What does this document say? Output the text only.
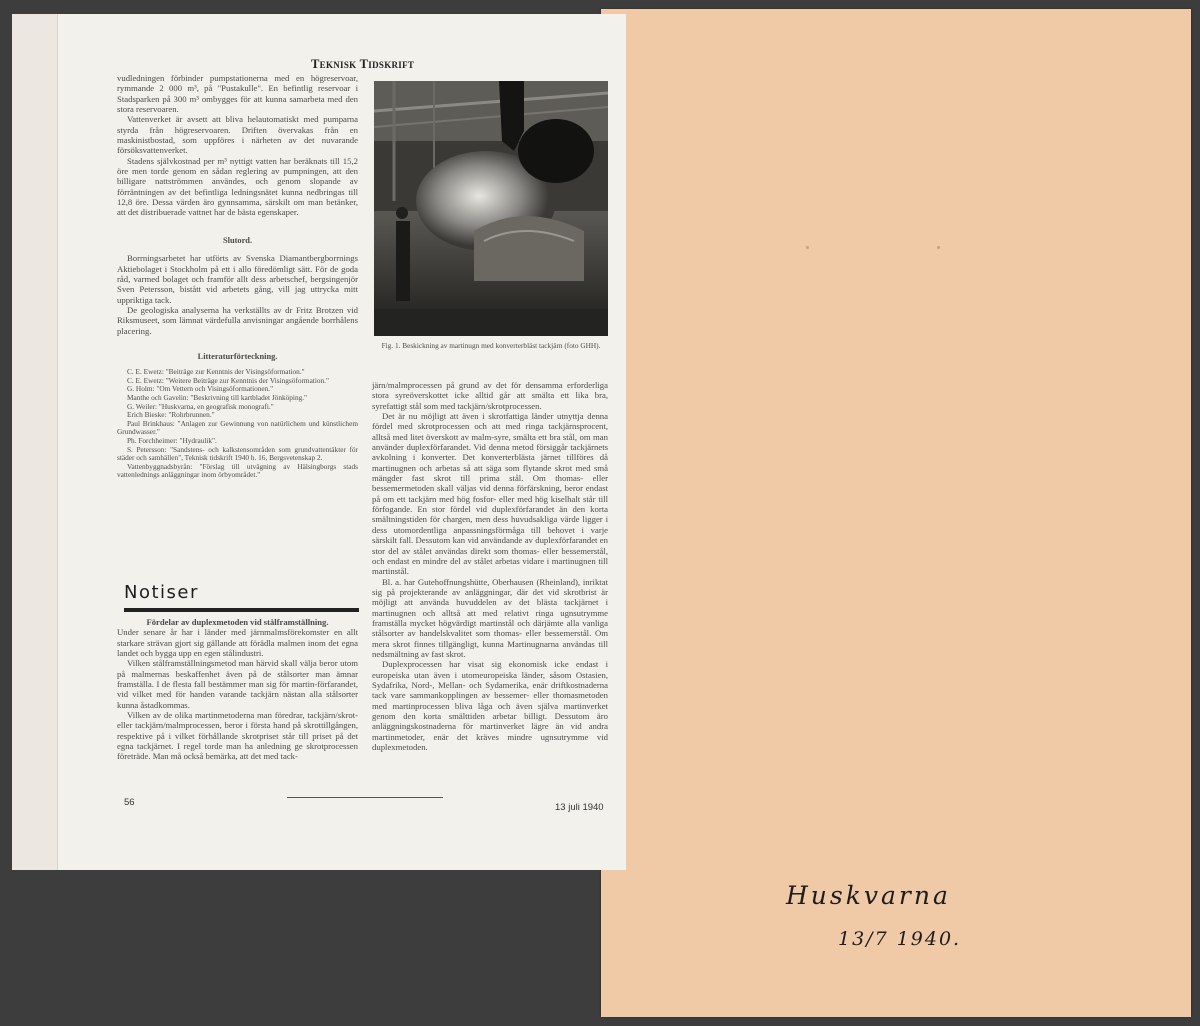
Teknisk Tidskrift

vudledningen förbinder pumpstationerna med en högreservoar, rymmande 2 000 m³, på "Pustakulle". En befintlig reservoar i Stadsparken på 300 m³ ombygges för att kunna samarbeta med den stora reservoaren.

Vattenverket är avsett att bliva helautomatiskt med pumparna styrda från högreservoaren. Driften övervakas från en maskinistbostad, som uppföres i närheten av det nuvarande försöksvattenverket.

Stadens självkostnad per m³ nyttigt vatten har beräknats till 15,2 öre men torde genom en sådan reglering av pumpningen, att den billigare nattströmmen användes, och genom slopande av förräntningen av det befintliga ledningsnätet kunna nedbringas till 12,8 öre. Dessa värden äro gynnsamma, särskilt om man betänker, att det distribuerade vattnet har de bästa egenskaper.

Slutord.

Borrningsarbetet har utförts av Svenska Diamantbergborrnings Aktiebolaget i Stockholm på ett i allo föredömligt sätt. För de goda råd, varmed bolaget och framför allt dess arbetschef, bergsingenjör Sven Petersson, bistått vid arbetets gång, vill jag uttrycka mitt uppriktiga tack.

De geologiska analyserna ha verkställts av dr Fritz Brotzen vid Riksmuseet, som lämnat värdefulla anvisningar angående borrhålens placering.

Litteraturförteckning.

C. E. Ewetz: "Beiträge zur Kenntnis der Visingsöformation."

C. E. Ewetz: "Weitere Beiträge zur Kenntnis der Visingsöformation."

G. Holm: "Om Vettern och Visingsöformationen."

Manthe och Gavelin: "Beskrivning till kartbladet Jönköping."

G. Weiler: "Huskvarna, en geografisk monografi."

Erich Bieske: "Rohrbrunnen."

Paul Brinkhaus: "Anlagen zur Gewinnung von natürlichem und künstlichem Grundwasser."

Ph. Forchheimer: "Hydraulik".

S. Petersson: "Sandstens- och kalkstensområden som grundvattentäkter för städer och samhällen", Teknisk tidskrift 1940 h. 16, Bergsvetenskap 2.

Vattenbyggnadsbyrån: "Förslag till utvägning av Hälsingborgs stads vattenlednings anläggningar inom örbyområdet."

Notiser

Fördelar av duplexmetoden vid stålframställning.

Under senare år har i länder med järnmalmsförekomster en allt starkare strävan gjort sig gällande att förädla malmen inom det egna landet och bygga upp en egen stålindustri.

Vilken stålframställningsmetod man härvid skall välja beror utom på malmernas beskaffenhet även på de stålsorter man ämnar framställa. I de flesta fall bestämmer man sig för martin-förfarandet, vid vilket med för handen varande tackjärn nästan alla stålsorter kunna åstadkommas.

Vilken av de olika martinmetoderna man föredrar, tackjärn/skrot- eller tackjärn/malmprocessen, beror i första hand på skrottillgången, respektive på i vilket förhållande skrotpriset står till priset på det egna tackjärnet. I regel torde man ha anledning ge skrotprocessen företräde. Man må också bemärka, att det med tack-

Fig. 1. Beskickning av martinugn med konverterbläst tackjärn (foto GHH).

järn/malmprocessen på grund av det för densamma erforderliga stora syreöverskottet icke alltid går att smälta ett lika bra, syrefattigt stål som med tackjärn/skrotprocessen.

Det är nu möjligt att även i skrotfattiga länder utnyttja denna fördel med skrotprocessen och att med ringa tackjärnsprocent, alltså med litet överskott av malm-syre, smälta ett bra stål, om man använder duplexförfarandet. Vid denna metod försiggår tackjärnets avkolning i konverter. Det konverterblästa järnet tillföres då martinugnen och arbetas så att säga som flytande skrot med små mängder fast skrot till prima stål. Om thomas- eller bessemermetoden skall väljas vid denna förfärskning, beror endast på om ett tackjärn med hög fosfor- eller med hög kiselhalt står till förfogande. En stor fördel vid duplexförfarandet än den korta smältningstiden för chargen, men dess huvudsakliga värde ligger i dess utomordentliga anpassningsförmåga till behovet i varje särskilt fall. Dessutom kan vid användande av duplexförfarandet en stor del av stålet användas direkt som thomas- eller bessemerstål, och endast en mindre del av stålet arbetas vidare i martinugnen till martinstål.

Bl. a. har Gutehoffnungshütte, Oberhausen (Rheinland), inriktat sig på projekterande av anläggningar, där det vid skrotbrist är möjligt att använda huvuddelen av det blästa tackjärnet i martinugnen och alltså att med relativt ringa ugnsutrymme framställa mycket högvärdigt martinstål och därjämte alla vanliga stålsorter av handelskvalitet som thomas- eller bessemerstål. Om mera skrot finnes tillgängligt, kunna Martinugnarna användas till nedsmältning av fast skrot.

Duplexprocessen har visat sig ekonomisk icke endast i europeiska utan även i utomeuropeiska länder, såsom Ostasien, Sydafrika, Nord-, Mellan- och Sydamerika, enär driftkostnaderna tack vare sammankopplingen av bessemer- eller thomasmetoden med martinprocessen bliva låga och även själva martinverket genom den korta smälttiden arbetar billigt. Dessutom äro anläggningskostnaderna för martinverket lägre än vid andra martinmetoder, enär det kräves mindre ugnsutrymme vid duplexmetoden.

56	13 juli 1940
Huskvarna
13/7 1940.
